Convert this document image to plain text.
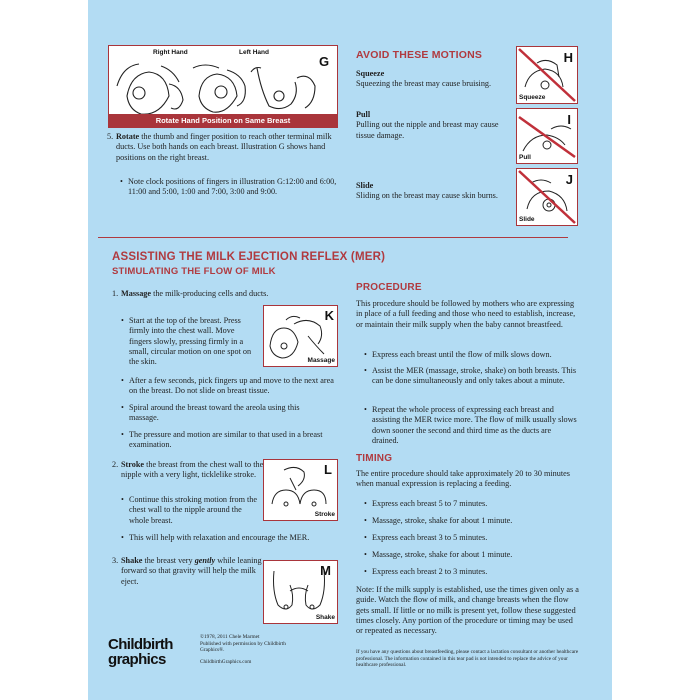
Right Hand	Left Hand
G
Rotate Hand Position on Same Breast
5. Rotate the thumb and finger position to reach other terminal milk ducts. Use both hands on each breast. Illustration G shows hand positions on the right breast.
• Note clock positions of fingers in illustration G:12:00 and 6:00, 11:00 and 5:00, 1:00 and 7:00, 3:00 and 9:00.
AVOID THESE MOTIONS
Squeeze
Squeezing the breast may cause bruising.
Pull
Pulling out the nipple and breast may cause tissue damage.
Slide
Sliding on the breast may cause skin burns.
H
Squeeze
I
Pull
J
Slide
ASSISTING THE MILK EJECTION REFLEX (MER)
STIMULATING THE FLOW OF MILK
1. Massage the milk-producing cells and ducts.
• Start at the top of the breast. Press firmly into the chest wall. Move fingers slowly, pressing firmly in a small, circular motion on one spot on the skin.
• After a few seconds, pick fingers up and move to the next area on the breast. Do not slide on breast tissue.
• Spiral around the breast toward the areola using this massage.
• The pressure and motion are similar to that used in a breast examination.
K
Massage
2. Stroke the breast from the chest wall to the nipple with a very light, ticklelike stroke.
• Continue this stroking motion from the chest wall to the nipple around the whole breast.
• This will help with relaxation and encourage the MER.
L
Stroke
3. Shake the breast very gently while leaning forward so that gravity will help the milk eject.
M
Shake
PROCEDURE

This procedure should be followed by mothers who are expressing in place of a full feeding and those who need to establish, increase, or maintain their milk supply when the baby cannot breastfeed.

• Express each breast until the flow of milk slows down.
• Assist the MER (massage, stroke, shake) on both breasts. This can be done simultaneously and only takes about a minute.
• Repeat the whole process of expressing each breast and assisting the MER twice more. The flow of milk usually slows down sooner the second and third time as the ducts are drained.
TIMING

The entire procedure should take approximately 20 to 30 minutes when manual expression is replacing a feeding.

• Express each breast 5 to 7 minutes.
• Massage, stroke, shake for about 1 minute.
• Express each breast 3 to 5 minutes.
• Massage, stroke, shake for about 1 minute.
• Express each breast 2 to 3 minutes.

Note: If the milk supply is established, use the times given only as a guide. Watch the flow of milk, and change breasts when the flow gets small. If little or no milk is present yet, follow these suggested times closely. Any portion of the procedure or timing may be used or repeated as necessary.

If you have any questions about breastfeeding, please contact a lactation consultant or another healthcare professional. The information contained in this tear pad is not intended to replace the advice of your healthcare professional.

Childbirth
graphics
©1978, 2011 Chele Marmet
Published with permission by Childbirth Graphics®.
ChildbirthGraphics.com
